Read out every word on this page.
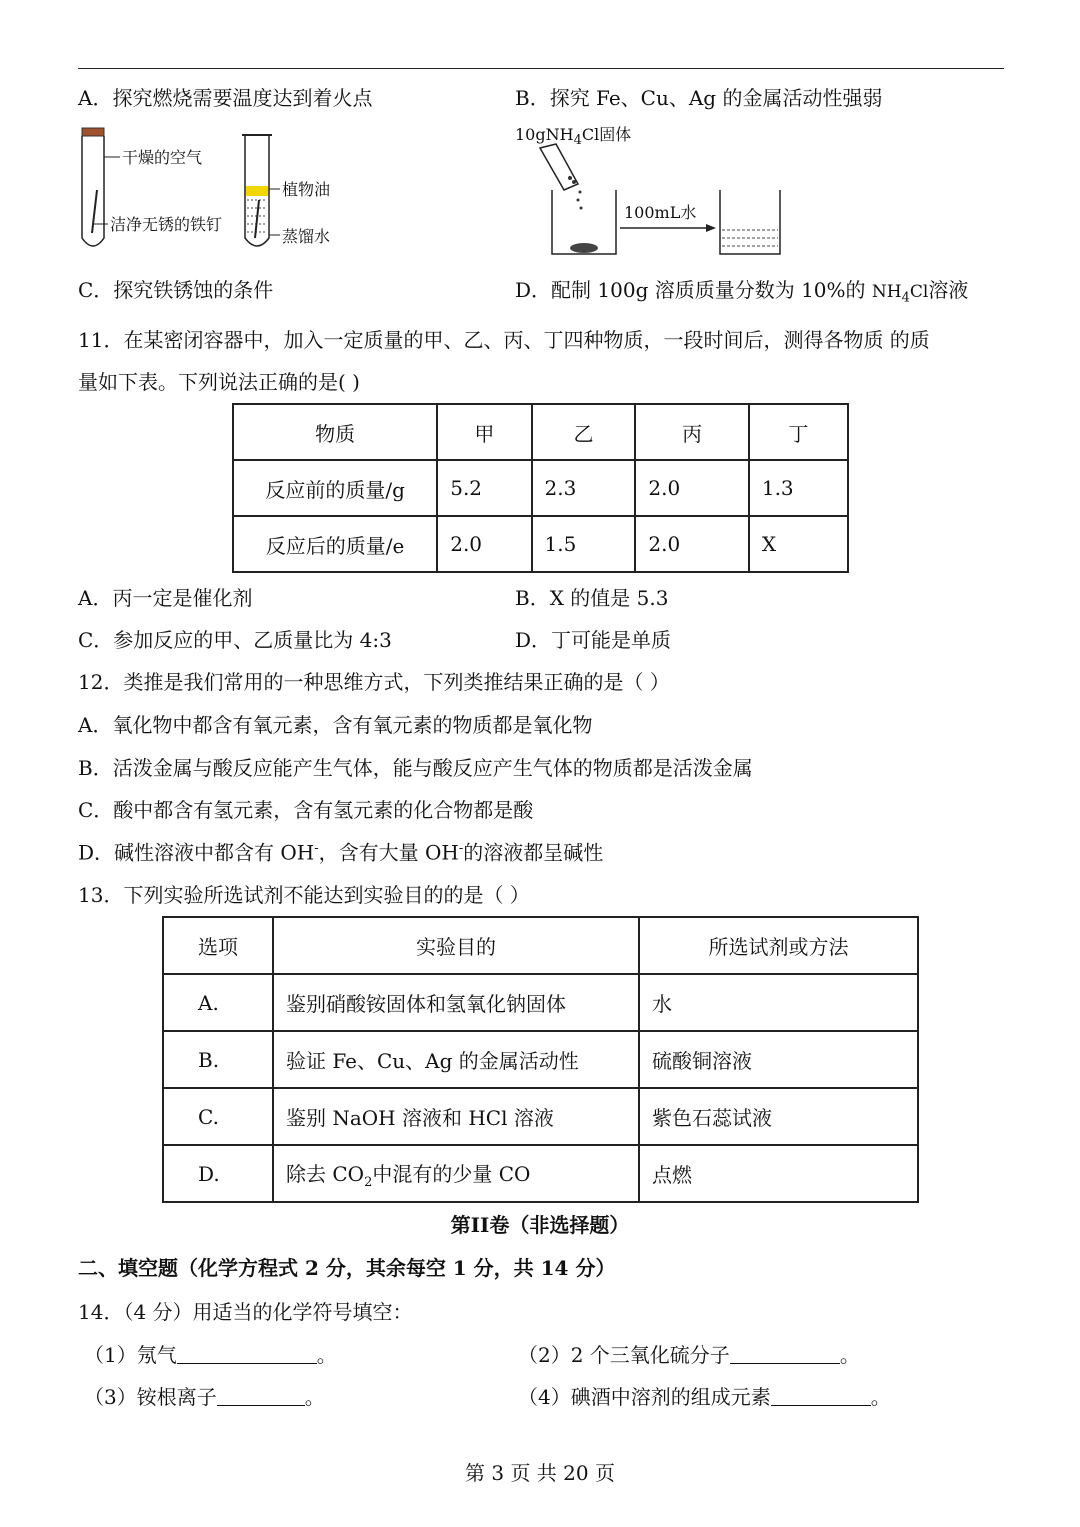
A．探究燃烧需要温度达到着火点	B．探究 Fe、Cu、Ag 的金属活动性强弱
干燥的空气
洁净无锈的铁钉
植物油
蒸馏水
10gNH$_4$Cl固体
100mL水
C．探究铁锈蚀的条件	D．配制 100g 溶质质量分数为 10%的 $NH_4Cl$溶液
11．在某密闭容器中，加入一定质量的甲、乙、丙、丁四种物质，一段时间后，测得各物质 的质
量如下表。下列说法正确的是( )
物质	甲	乙	丙	丁
反应前的质量/g	5.2	2.3	2.0	1.3
反应后的质量/e	2.0	1.5	2.0	X
A．丙一定是催化剂	B．X 的值是 5.3
C．参加反应的甲、乙质量比为 4:3	D．丁可能是单质
12．类推是我们常用的一种思维方式，下列类推结果正确的是（ ）
A．氧化物中都含有氧元素，含有氧元素的物质都是氧化物
B．活泼金属与酸反应能产生气体，能与酸反应产生气体的物质都是活泼金属
C．酸中都含有氢元素，含有氢元素的化合物都是酸
D．碱性溶液中都含有 OH-，含有大量 OH-的溶液都呈碱性
13．下列实验所选试剂不能达到实验目的的是（ ）
选项	实验目的	所选试剂或方法
A.	鉴别硝酸铵固体和氢氧化钠固体	水
B.	验证 Fe、Cu、Ag 的金属活动性	硫酸铜溶液
C.	鉴别 NaOH 溶液和 HCl 溶液	紫色石蕊试液
D.	除去 $CO_2$中混有的少量 CO	点燃
第II卷（非选择题）
二、填空题（化学方程式 2 分，其余每空 1 分，共 14 分）
14．（4 分）用适当的化学符号填空：
（1）氖气	。	（2）2 个三氧化硫分子	。
（3）铵根离子	。	（4）碘酒中溶剂的组成元素	。
第 3 页 共 20 页
